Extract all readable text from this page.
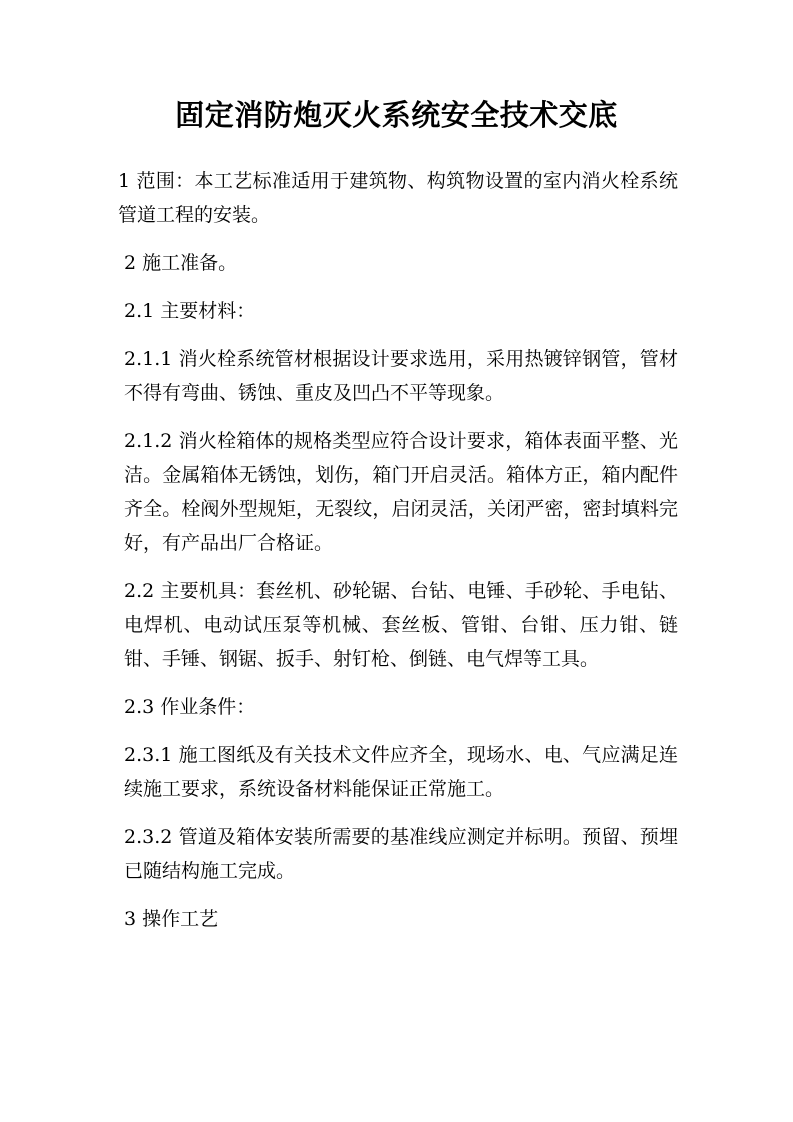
固定消防炮灭火系统安全技术交底

1 范围：本工艺标准适用于建筑物、构筑物设置的室内消火栓系统管道工程的安装。

2 施工准备。

2.1 主要材料：

2.1.1 消火栓系统管材根据设计要求选用，采用热镀锌钢管，管材不得有弯曲、锈蚀、重皮及凹凸不平等现象。

2.1.2 消火栓箱体的规格类型应符合设计要求，箱体表面平整、光洁。金属箱体无锈蚀，划伤，箱门开启灵活。箱体方正，箱内配件齐全。栓阀外型规矩，无裂纹，启闭灵活，关闭严密，密封填料完好，有产品出厂合格证。

2.2 主要机具：套丝机、砂轮锯、台钻、电锤、手砂轮、手电钻、电焊机、电动试压泵等机械、套丝板、管钳、台钳、压力钳、链钳、手锤、钢锯、扳手、射钉枪、倒链、电气焊等工具。

2.3 作业条件：

2.3.1 施工图纸及有关技术文件应齐全，现场水、电、气应满足连续施工要求，系统设备材料能保证正常施工。

2.3.2 管道及箱体安装所需要的基准线应测定并标明。预留、预埋已随结构施工完成。

3 操作工艺
